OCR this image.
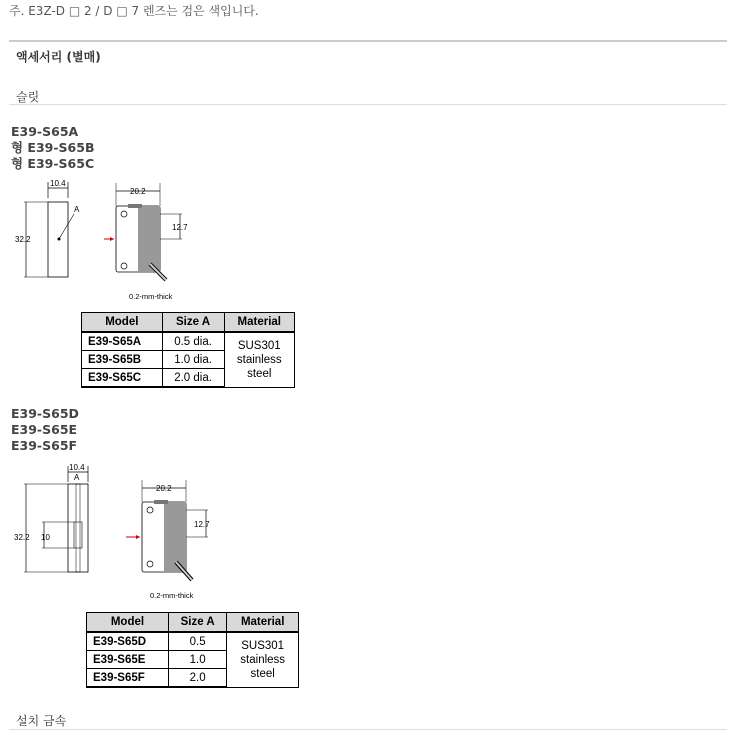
주. E3Z-D □ 2 / D □ 7 렌즈는 검은 색입니다.
액세서리 (별매)
슬릿
E39-S65A
형 E39-S65B
형 E39-S65C
10.4
32.2
A
20.2
12.7
0.2-mm-thick
Model	Size A	Material
E39-S65A	0.5 dia.	SUS301
stainless
steel

E39-S65B	1.0 dia.	
E39-S65C	2.0 dia.	
E39-S65D
E39-S65E
E39-S65F
10.4
A
32.2 10
20.2
12.7
0.2-mm-thick
Model	Size A	Material
E39-S65D	0.5	SUS301
stainless
steel

E39-S65E	1.0	
E39-S65F	2.0	
설치 금속
